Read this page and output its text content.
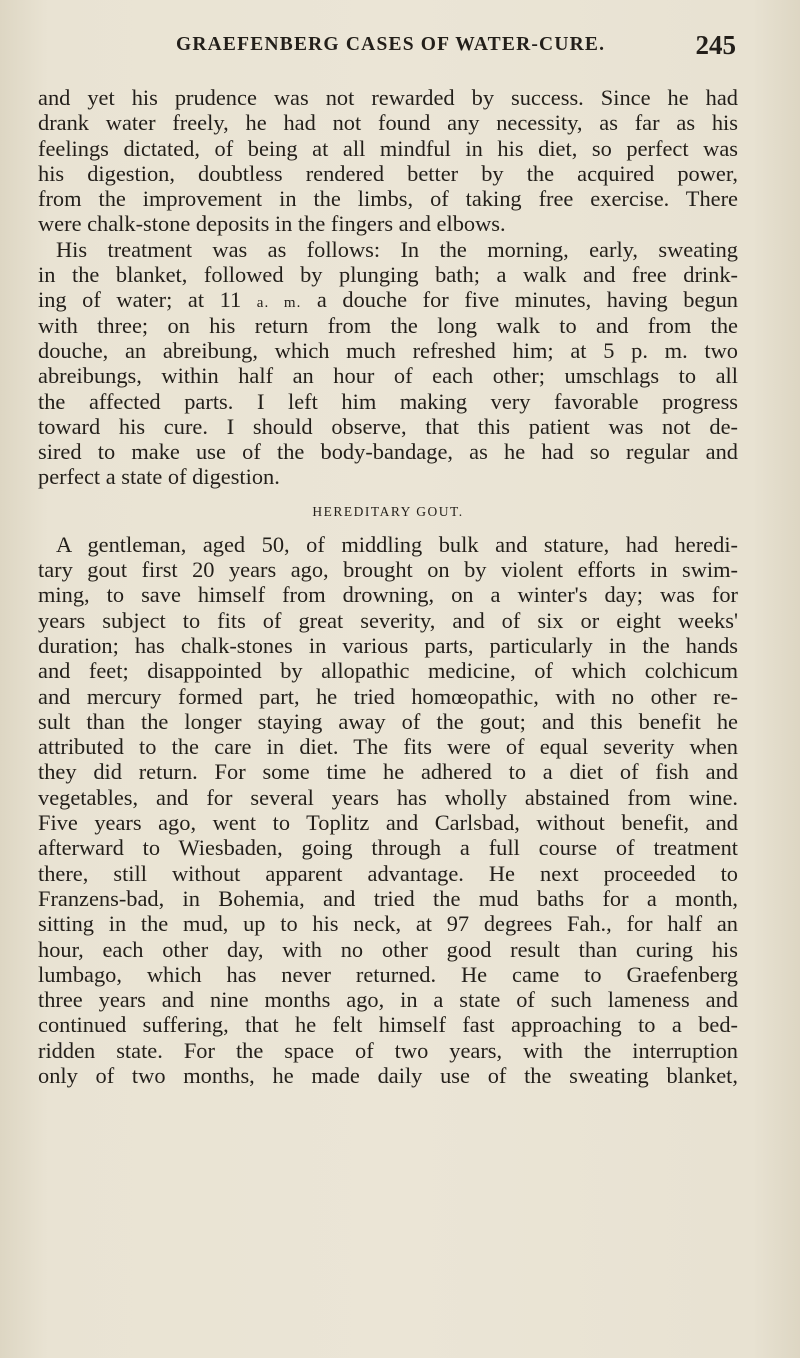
GRAEFENBERG CASES OF WATER-CURE.	245
and yet his prudence was not rewarded by success. Since he had
drank water freely, he had not found any necessity, as far as his
feelings dictated, of being at all mindful in his diet, so perfect was
his digestion, doubtless rendered better by the acquired power,
from the improvement in the limbs, of taking free exercise. There
were chalk-stone deposits in the fingers and elbows.
His treatment was as follows: In the morning, early, sweating
in the blanket, followed by plunging bath; a walk and free drink-
ing of water; at 11 a. m. a douche for five minutes, having begun
with three; on his return from the long walk to and from the
douche, an abreibung, which much refreshed him; at 5 p. m. two
abreibungs, within half an hour of each other; umschlags to all
the affected parts. I left him making very favorable progress
toward his cure. I should observe, that this patient was not de-
sired to make use of the body-bandage, as he had so regular and
perfect a state of digestion.
HEREDITARY GOUT.
A gentleman, aged 50, of middling bulk and stature, had heredi-
tary gout first 20 years ago, brought on by violent efforts in swim-
ming, to save himself from drowning, on a winter's day; was for
years subject to fits of great severity, and of six or eight weeks'
duration; has chalk-stones in various parts, particularly in the hands
and feet; disappointed by allopathic medicine, of which colchicum
and mercury formed part, he tried homœopathic, with no other re-
sult than the longer staying away of the gout; and this benefit he
attributed to the care in diet. The fits were of equal severity when
they did return. For some time he adhered to a diet of fish and
vegetables, and for several years has wholly abstained from wine.
Five years ago, went to Toplitz and Carlsbad, without benefit, and
afterward to Wiesbaden, going through a full course of treatment
there, still without apparent advantage. He next proceeded to
Franzens-bad, in Bohemia, and tried the mud baths for a month,
sitting in the mud, up to his neck, at 97 degrees Fah., for half an
hour, each other day, with no other good result than curing his
lumbago, which has never returned. He came to Graefenberg
three years and nine months ago, in a state of such lameness and
continued suffering, that he felt himself fast approaching to a bed-
ridden state. For the space of two years, with the interruption
only of two months, he made daily use of the sweating blanket,
